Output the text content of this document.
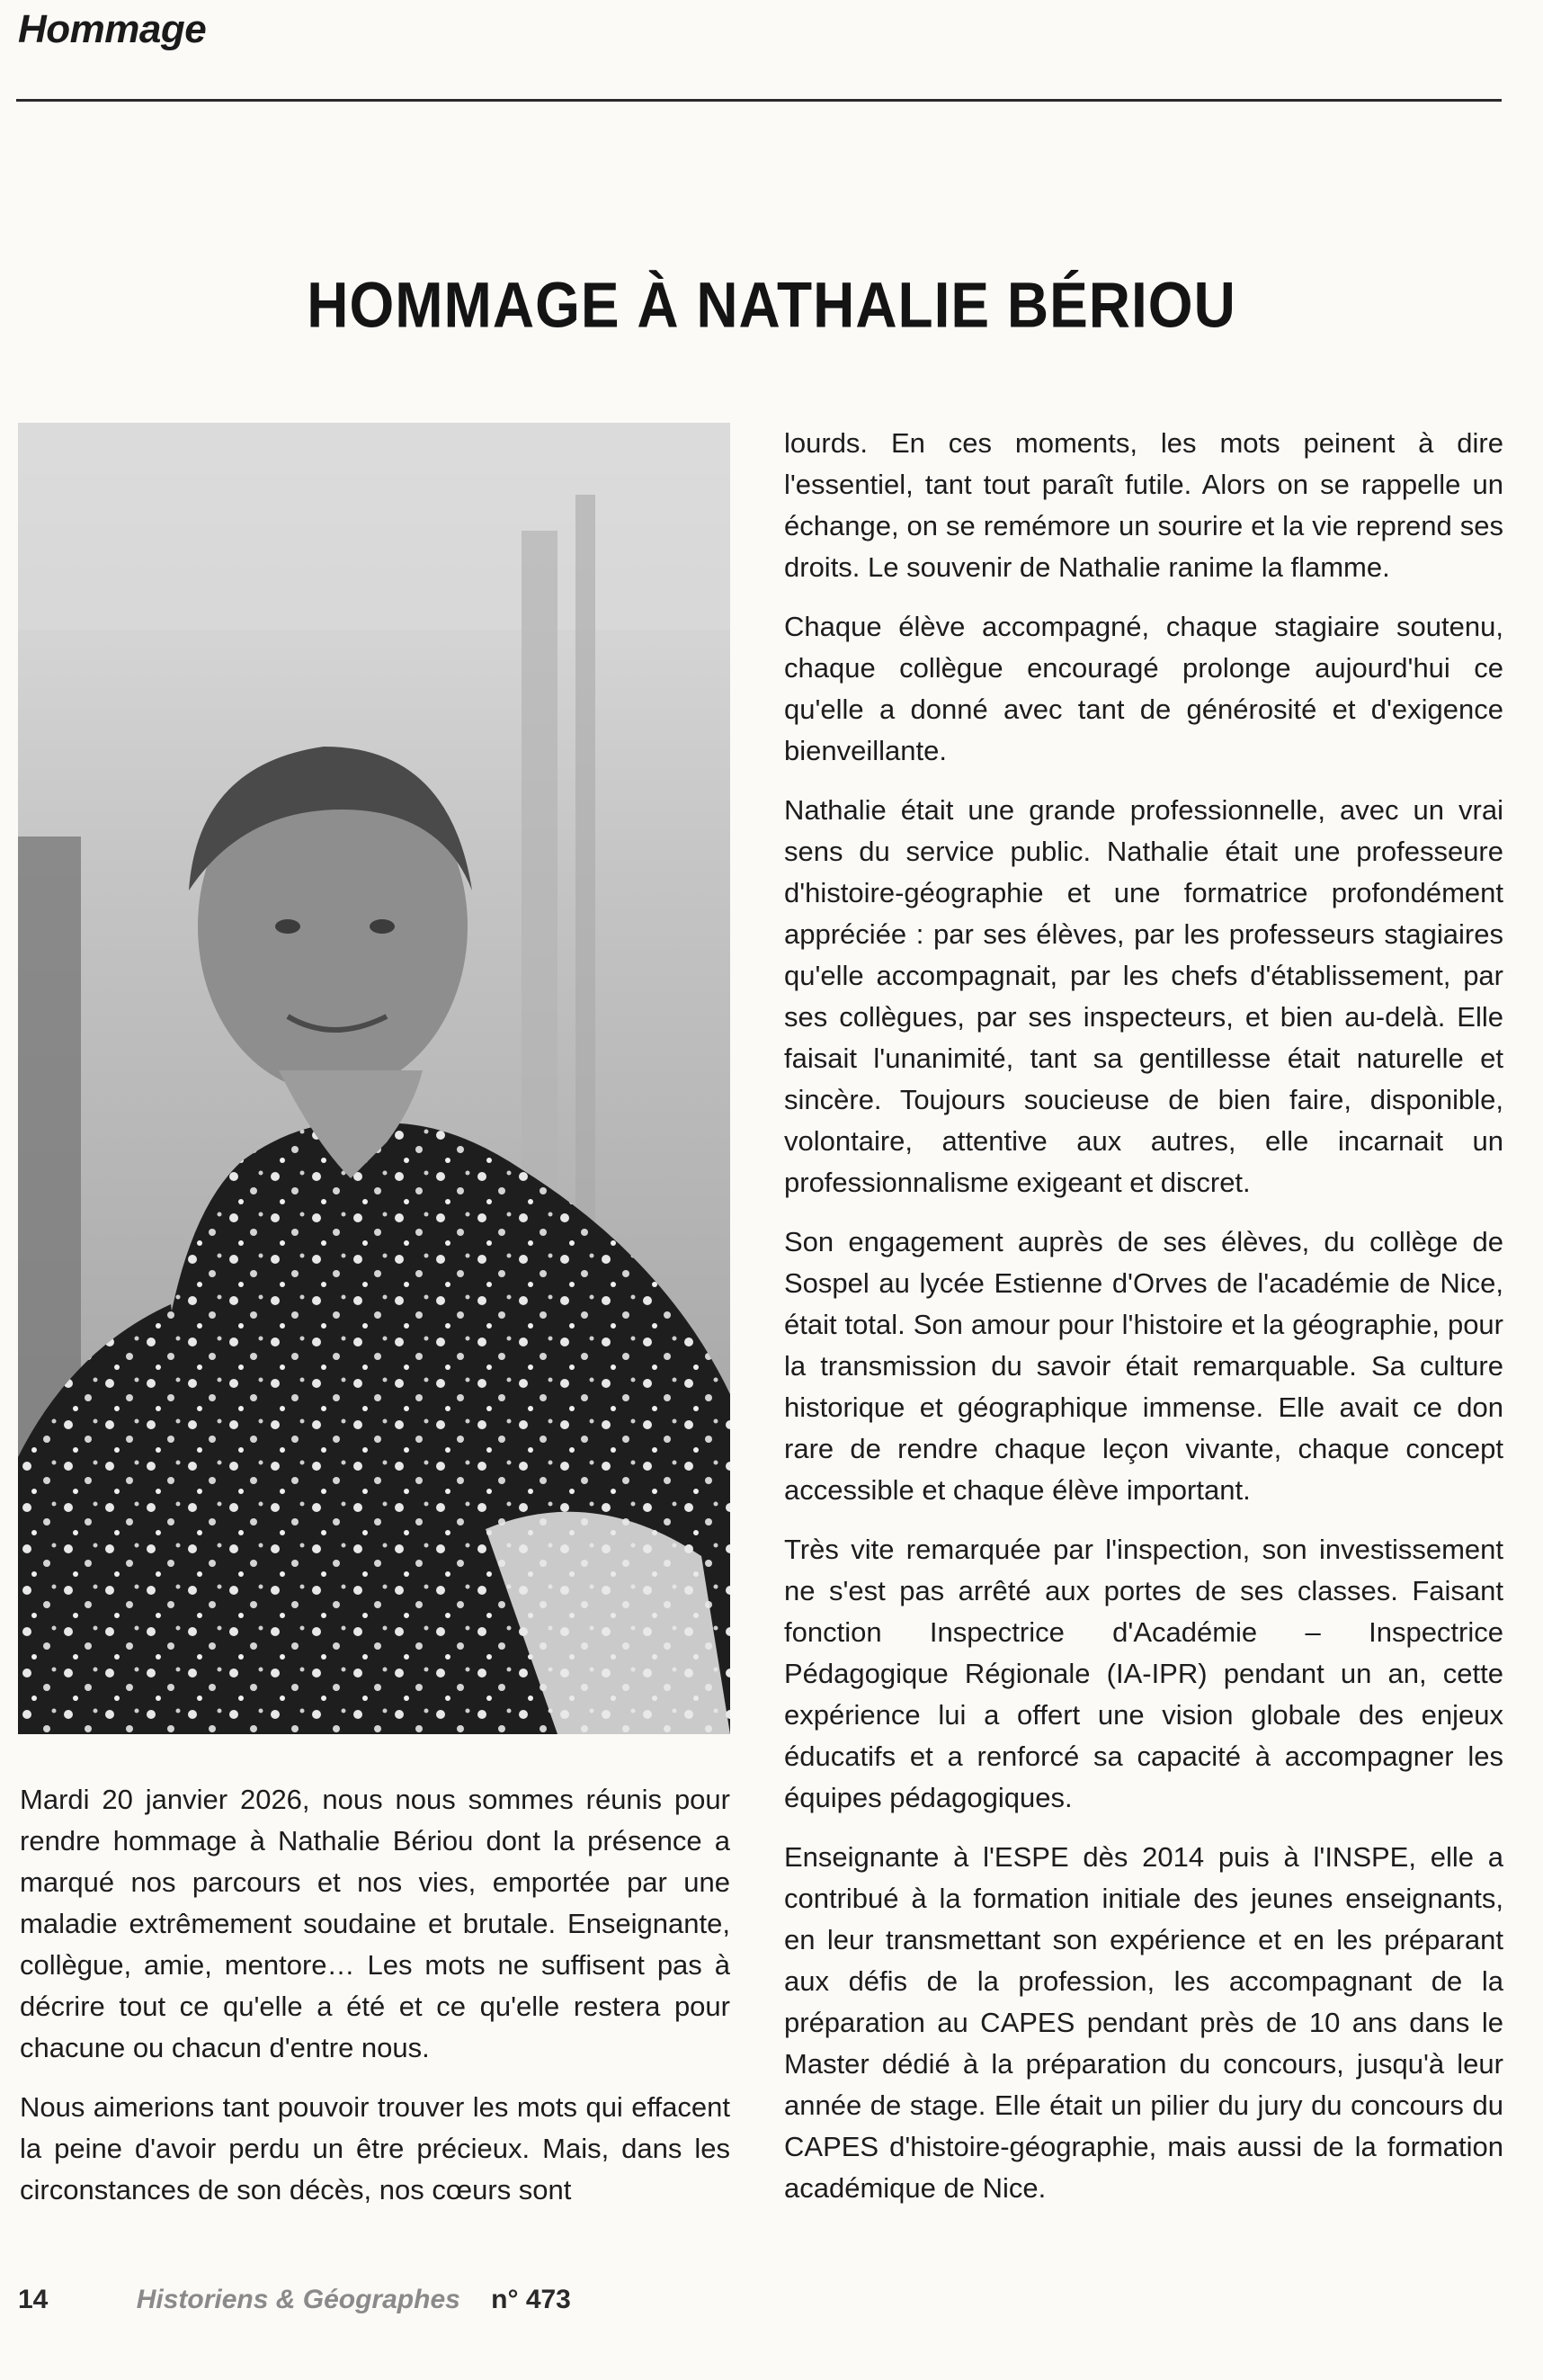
Hommage
HOMMAGE À NATHALIE BÉRIOU

Mardi 20 janvier 2026, nous nous sommes réunis pour rendre hommage à Nathalie Bériou dont la présence a marqué nos parcours et nos vies, emportée par une maladie extrêmement soudaine et brutale. Enseignante, collègue, amie, mentore… Les mots ne suffisent pas à décrire tout ce qu'elle a été et ce qu'elle restera pour chacune ou chacun d'entre nous.

Nous aimerions tant pouvoir trouver les mots qui effacent la peine d'avoir perdu un être précieux. Mais, dans les circonstances de son décès, nos cœurs sont

lourds. En ces moments, les mots peinent à dire l'essentiel, tant tout paraît futile. Alors on se rappelle un échange, on se remémore un sourire et la vie reprend ses droits. Le souvenir de Nathalie ranime la flamme.

Chaque élève accompagné, chaque stagiaire soutenu, chaque collègue encouragé prolonge aujourd'hui ce qu'elle a donné avec tant de générosité et d'exigence bienveillante.

Nathalie était une grande professionnelle, avec un vrai sens du service public. Nathalie était une professeure d'histoire-géographie et une formatrice profondément appréciée : par ses élèves, par les professeurs stagiaires qu'elle accompagnait, par les chefs d'établissement, par ses collègues, par ses inspecteurs, et bien au-delà. Elle faisait l'unanimité, tant sa gentillesse était naturelle et sincère. Toujours soucieuse de bien faire, disponible, volontaire, attentive aux autres, elle incarnait un professionnalisme exigeant et discret.

Son engagement auprès de ses élèves, du collège de Sospel au lycée Estienne d'Orves de l'académie de Nice, était total. Son amour pour l'histoire et la géographie, pour la transmission du savoir était remarquable. Sa culture historique et géographique immense. Elle avait ce don rare de rendre chaque leçon vivante, chaque concept accessible et chaque élève important.

Très vite remarquée par l'inspection, son investissement ne s'est pas arrêté aux portes de ses classes. Faisant fonction Inspectrice d'Académie – Inspectrice Pédagogique Régionale (IA-IPR) pendant un an, cette expérience lui a offert une vision globale des enjeux éducatifs et a renforcé sa capacité à accompagner les équipes pédagogiques.

Enseignante à l'ESPE dès 2014 puis à l'INSPE, elle a contribué à la formation initiale des jeunes enseignants, en leur transmettant son expérience et en les préparant aux défis de la profession, les accompagnant de la préparation au CAPES pendant près de 10 ans dans le Master dédié à la préparation du concours, jusqu'à leur année de stage. Elle était un pilier du jury du concours du CAPES d'histoire-géographie, mais aussi de la formation académique de Nice.

14	Historiens & Géographes n° 473
